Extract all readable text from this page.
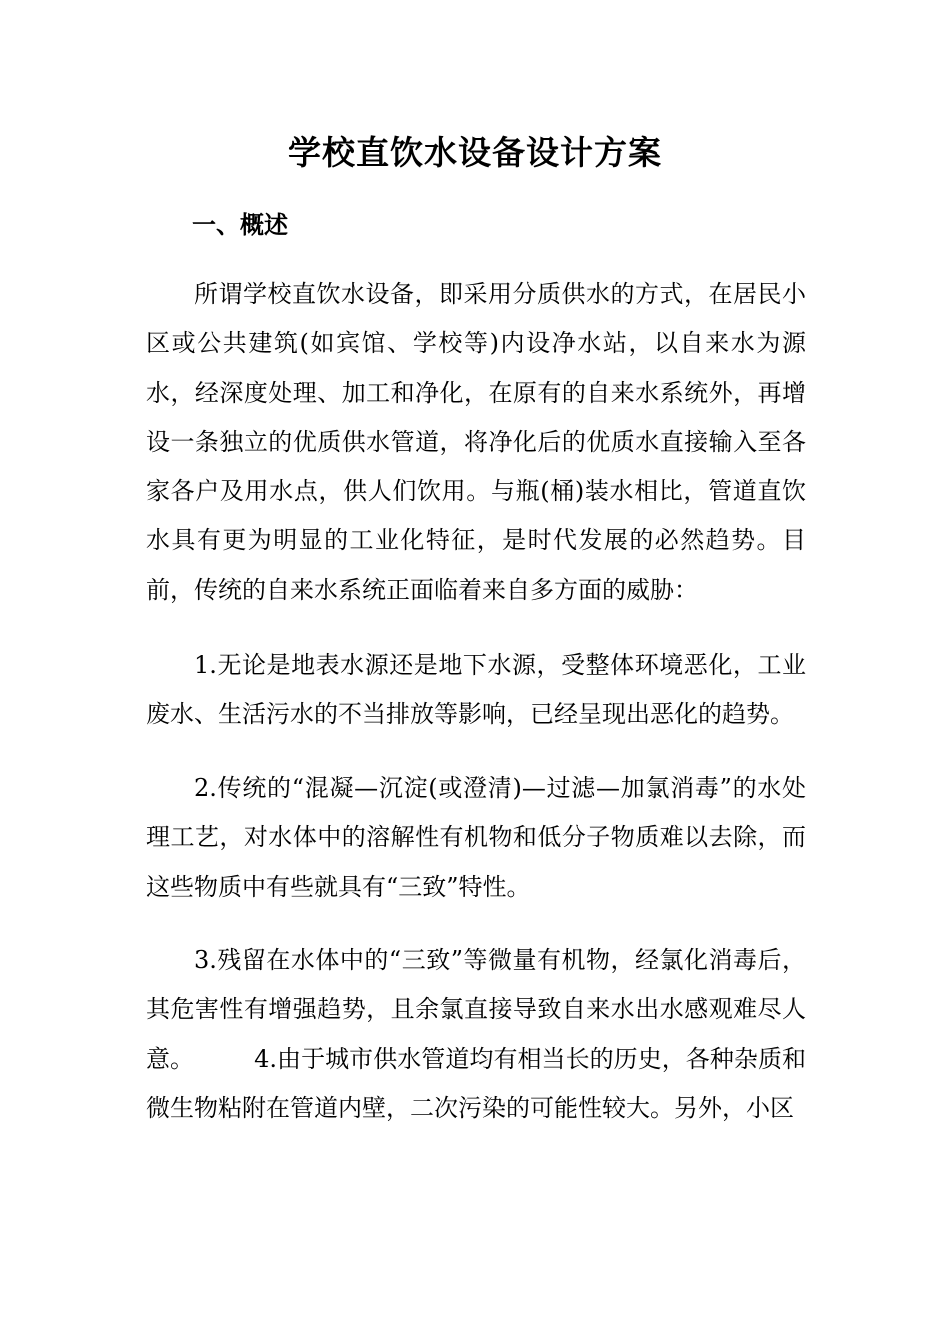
学校直饮水设备设计方案
一、概述

所谓学校直饮水设备，即采用分质供水的方式，在居民小区或公共建筑(如宾馆、学校等)内设净水站，以自来水为源水，经深度处理、加工和净化，在原有的自来水系统外，再增设一条独立的优质供水管道，将净化后的优质水直接输入至各家各户及用水点，供人们饮用。与瓶(桶)装水相比，管道直饮水具有更为明显的工业化特征，是时代发展的必然趋势。目前，传统的自来水系统正面临着来自多方面的威胁：

1.无论是地表水源还是地下水源，受整体环境恶化，工业废水、生活污水的不当排放等影响，已经呈现出恶化的趋势。

2.传统的“混凝—沉淀(或澄清)—过滤—加氯消毒”的水处理工艺，对水体中的溶解性有机物和低分子物质难以去除，而这些物质中有些就具有“三致”特性。

3.残留在水体中的“三致”等微量有机物，经氯化消毒后，其危害性有增强趋势，且余氯直接导致自来水出水感观难尽人意。	4.由于城市供水管道均有相当长的历史，各种杂质和微生物粘附在管道内壁，二次污染的可能性较大。另外，小区
